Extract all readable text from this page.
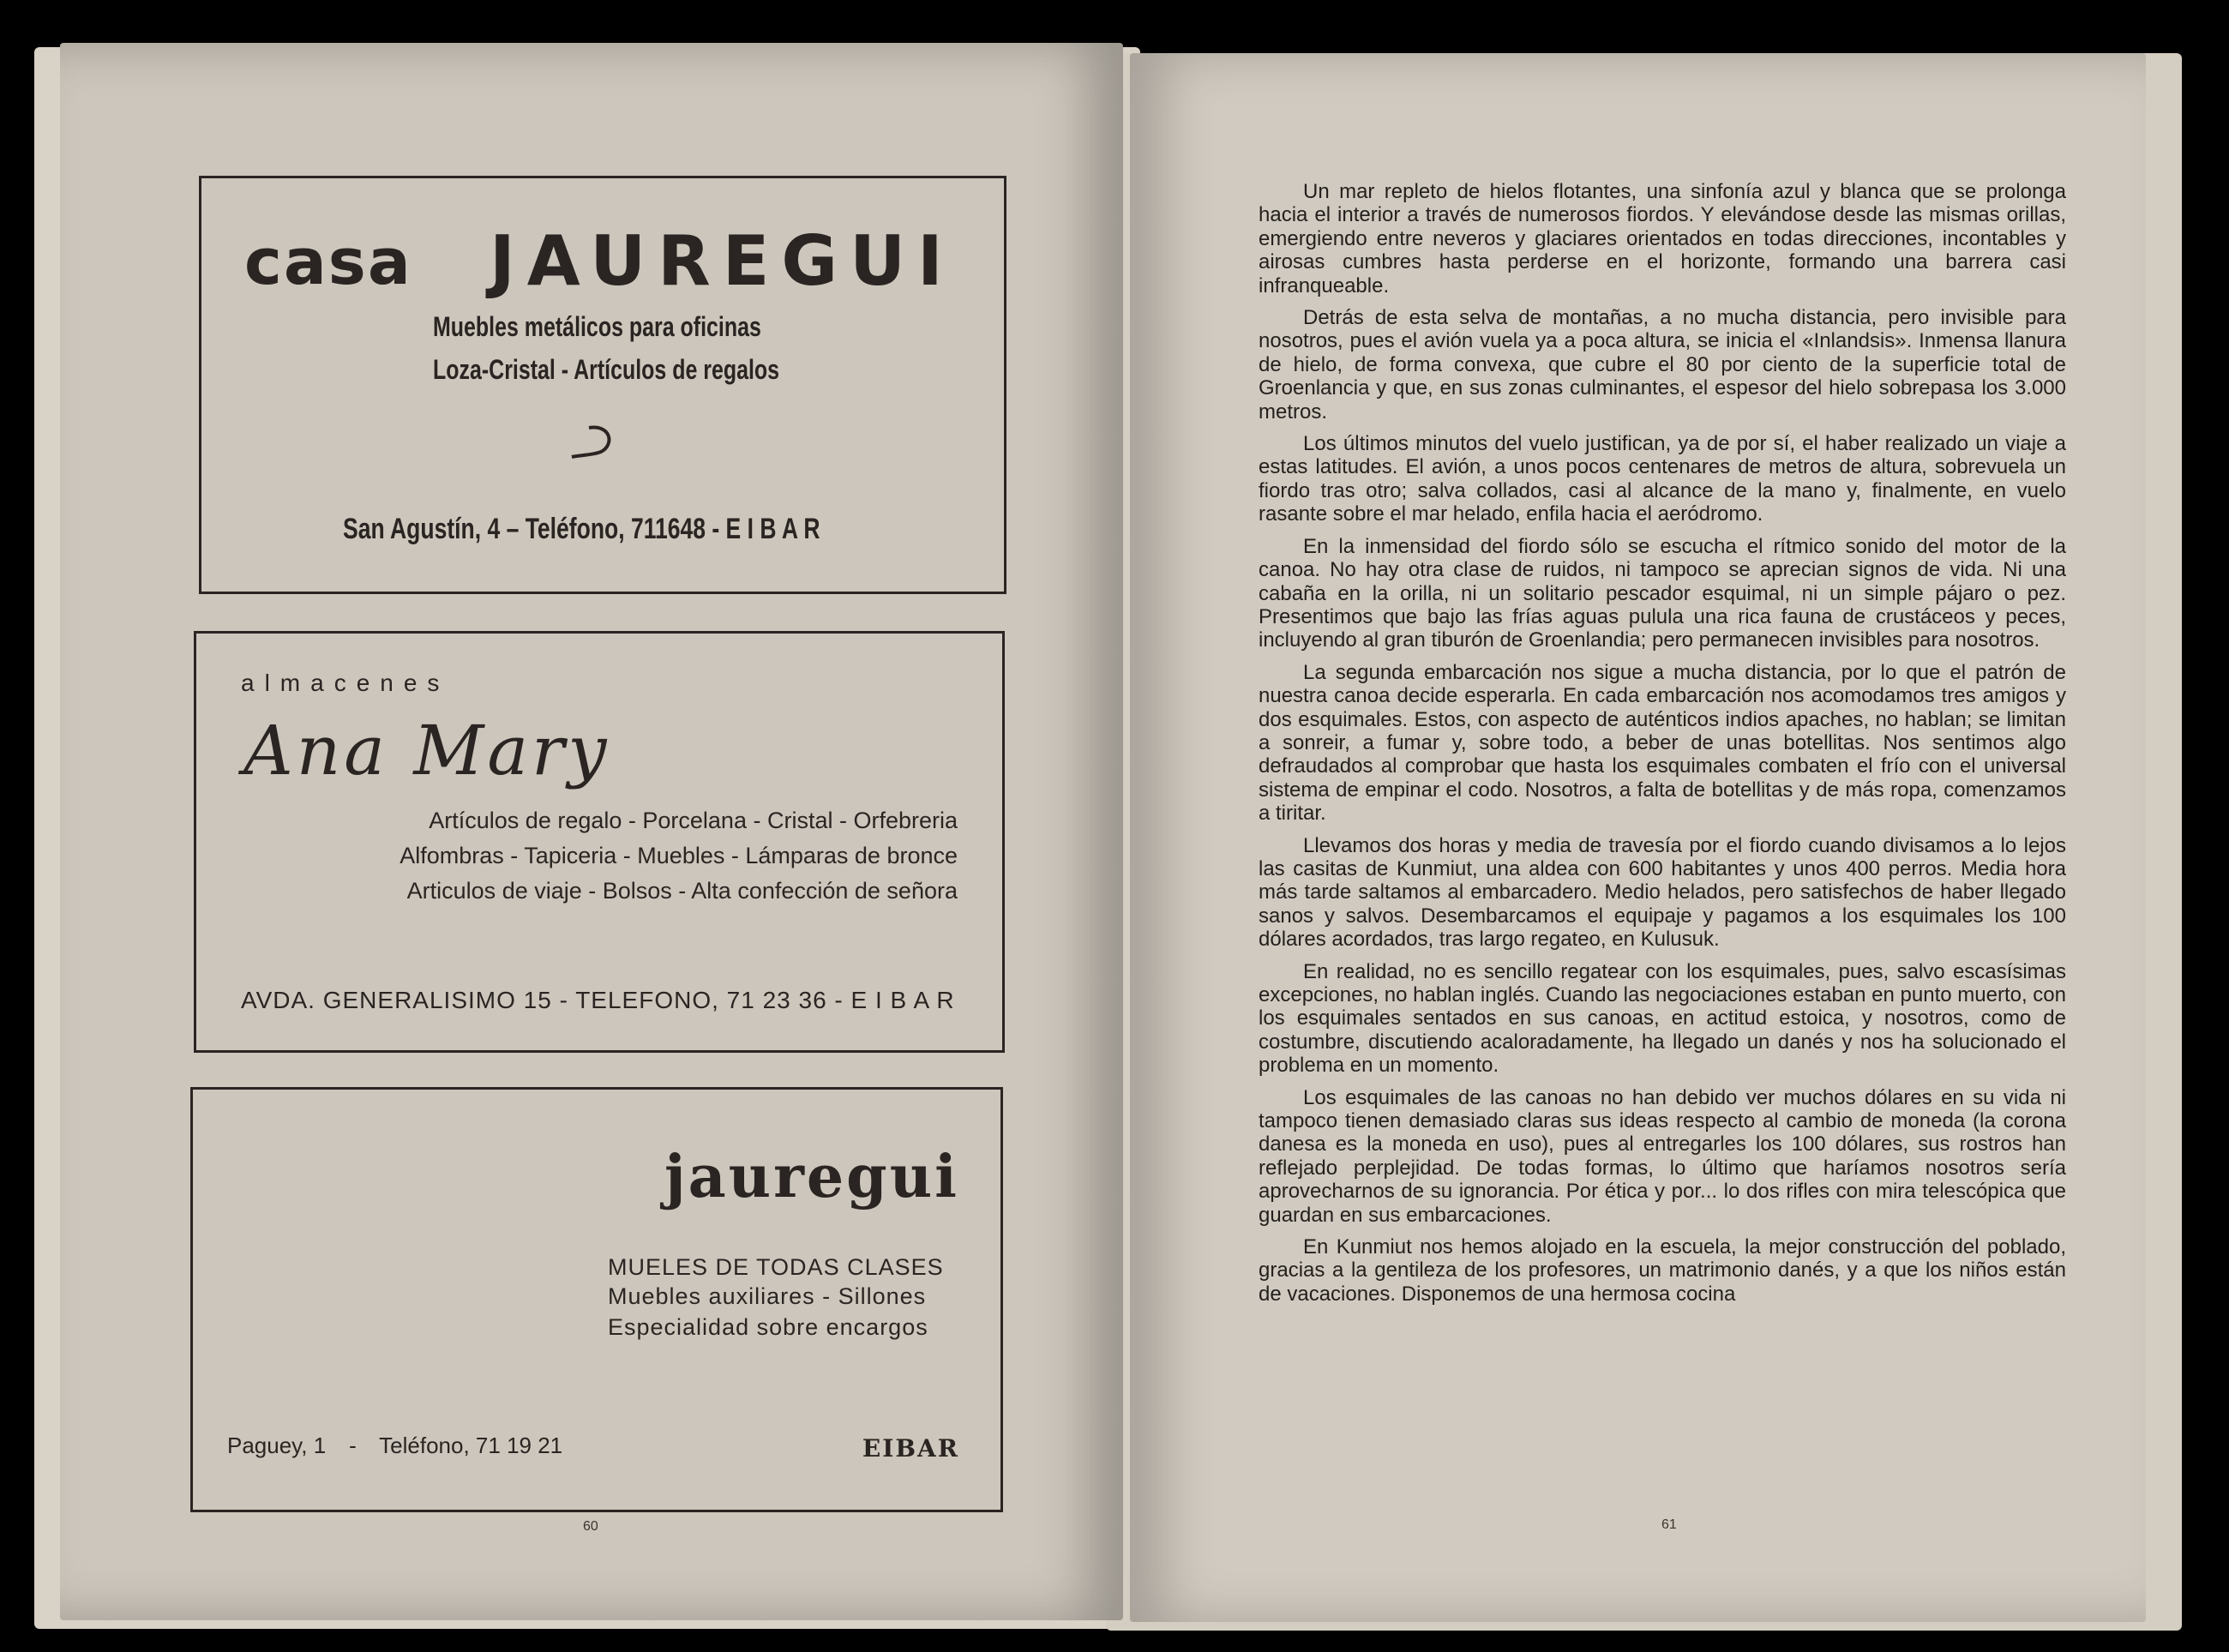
casa JAUREGUI
Muebles metálicos para oficinas
Loza-Cristal - Artículos de regalos
San Agustín, 4 – Teléfono, 711648 - E I B A R
almacenes
Ana Mary
Artículos de regalo - Porcelana - Cristal - Orfebreria
Alfombras - Tapiceria - Muebles - Lámparas de bronce
Articulos de viaje - Bolsos - Alta confección de señora
AVDA. GENERALISIMO 15 - TELEFONO, 71 23 36 - E I B A R
jauregui
MUELES DE TODAS CLASES
Muebles auxiliares - Sillones
Especialidad sobre encargos
Paguey, 1 - Teléfono, 71 19 21	EIBAR
60

Un mar repleto de hielos flotantes, una sinfonía azul y blanca que se prolonga hacia el interior a través de numerosos fiordos. Y elevándose desde las mismas orillas, emergiendo entre neveros y glaciares orientados en todas direcciones, incontables y airosas cumbres hasta perderse en el horizonte, formando una barrera casi infranqueable.

Detrás de esta selva de montañas, a no mucha distancia, pero invisible para nosotros, pues el avión vuela ya a poca altura, se inicia el «Inlandsis». Inmensa llanura de hielo, de forma convexa, que cubre el 80 por ciento de la superficie total de Groenlancia y que, en sus zonas culminantes, el espesor del hielo sobrepasa los 3.000 metros.

Los últimos minutos del vuelo justifican, ya de por sí, el haber realizado un viaje a estas latitudes. El avión, a unos pocos centenares de metros de altura, sobrevuela un fiordo tras otro; salva collados, casi al alcance de la mano y, finalmente, en vuelo rasante sobre el mar helado, enfila hacia el aeródromo.

En la inmensidad del fiordo sólo se escucha el rítmico sonido del motor de la canoa. No hay otra clase de ruidos, ni tampoco se aprecian signos de vida. Ni una cabaña en la orilla, ni un solitario pescador esquimal, ni un simple pájaro o pez. Presentimos que bajo las frías aguas pulula una rica fauna de crustáceos y peces, incluyendo al gran tiburón de Groenlandia; pero permanecen invisibles para nosotros.

La segunda embarcación nos sigue a mucha distancia, por lo que el patrón de nuestra canoa decide esperarla. En cada embarcación nos acomodamos tres amigos y dos esquimales. Estos, con aspecto de auténticos indios apaches, no hablan; se limitan a sonreir, a fumar y, sobre todo, a beber de unas botellitas. Nos sentimos algo defraudados al comprobar que hasta los esquimales combaten el frío con el universal sistema de empinar el codo. Nosotros, a falta de botellitas y de más ropa, comenzamos a tiritar.

Llevamos dos horas y media de travesía por el fiordo cuando divisamos a lo lejos las casitas de Kunmiut, una aldea con 600 habitantes y unos 400 perros. Media hora más tarde saltamos al embarcadero. Medio helados, pero satisfechos de haber llegado sanos y salvos. Desembarcamos el equipaje y pagamos a los esquimales los 100 dólares acordados, tras largo regateo, en Kulusuk.

En realidad, no es sencillo regatear con los esquimales, pues, salvo escasísimas excepciones, no hablan inglés. Cuando las negociaciones estaban en punto muerto, con los esquimales sentados en sus canoas, en actitud estoica, y nosotros, como de costumbre, discutiendo acaloradamente, ha llegado un danés y nos ha solucionado el problema en un momento.

Los esquimales de las canoas no han debido ver muchos dólares en su vida ni tampoco tienen demasiado claras sus ideas respecto al cambio de moneda (la corona danesa es la moneda en uso), pues al entregarles los 100 dólares, sus rostros han reflejado perplejidad. De todas formas, lo último que haríamos nosotros sería aprovecharnos de su ignorancia. Por ética y por... lo dos rifles con mira telescópica que guardan en sus embarcaciones.

En Kunmiut nos hemos alojado en la escuela, la mejor construcción del poblado, gracias a la gentileza de los profesores, un matrimonio danés, y a que los niños están de vacaciones. Disponemos de una hermosa cocina

61
